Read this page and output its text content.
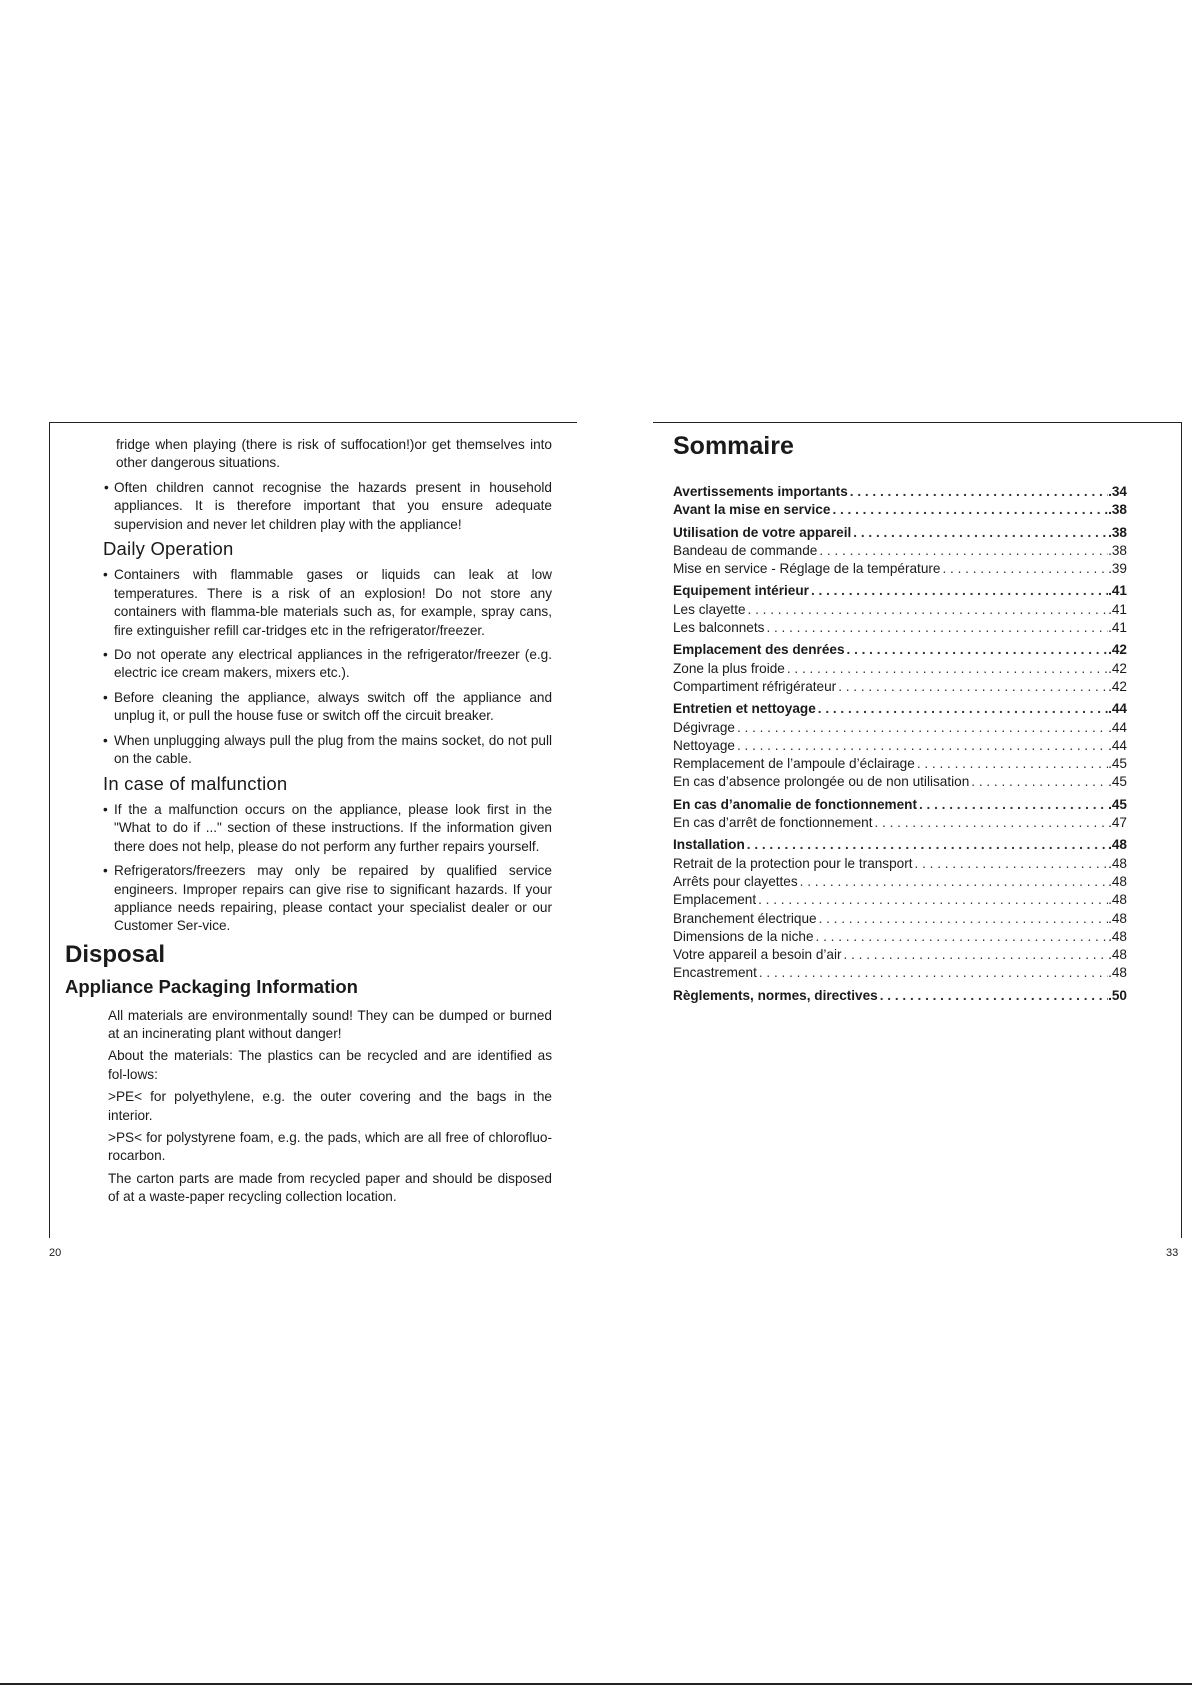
fridge when playing (there is risk of suffocation!)or get themselves into other dangerous situations.

• Often children cannot recognise the hazards present in household appliances. It is therefore important that you ensure adequate supervision and never let children play with the appliance!
Daily Operation
• Containers with flammable gases or liquids can leak at low temperatures. There is a risk of an explosion! Do not store any containers with flamma-ble materials such as, for example, spray cans, fire extinguisher refill car-tridges etc in the refrigerator/freezer.
• Do not operate any electrical appliances in the refrigerator/freezer (e.g. electric ice cream makers, mixers etc.).
• Before cleaning the appliance, always switch off the appliance and unplug it, or pull the house fuse or switch off the circuit breaker.
• When unplugging always pull the plug from the mains socket, do not pull on the cable.
In case of malfunction
• If the a malfunction occurs on the appliance, please look first in the "What to do if ..." section of these instructions. If the information given there does not help, please do not perform any further repairs yourself.
• Refrigerators/freezers may only be repaired by qualified service engineers. Improper repairs can give rise to significant hazards. If your appliance needs repairing, please contact your specialist dealer or our Customer Ser-vice.
Disposal
Appliance Packaging Information

All materials are environmentally sound! They can be dumped or burned at an incinerating plant without danger!

About the materials: The plastics can be recycled and are identified as fol-lows:

>PE< for polyethylene, e.g. the outer covering and the bags in the interior.

>PS< for polystyrene foam, e.g. the pads, which are all free of chlorofluo-rocarbon.

The carton parts are made from recycled paper and should be disposed of at a waste-paper recycling collection location.

20
Sommaire
Avertissements importants . . .	.34
Avant la mise en service . . .	.38
Utilisation de votre appareil . . .	.38
Bandeau de commande . . .	.38
Mise en service - Réglage de la température . . .	.39
Equipement intérieur . . .	.41
Les clayette . . .	.41
Les balconnets . . .	.41
Emplacement des denrées . . .	.42
Zone la plus froide . . .	.42
Compartiment réfrigérateur . . .	.42
Entretien et nettoyage . . .	.44
Dégivrage . . .	.44
Nettoyage . . .	.44
Remplacement de l’ampoule d’éclairage . . .	.45
En cas d’absence prolongée ou de non utilisation . . .	.45
En cas d’anomalie de fonctionnement . . .	.45
En cas d’arrêt de fonctionnement . . .	.47
Installation . . .	.48
Retrait de la protection pour le transport . . .	.48
Arrêts pour clayettes . . .	.48
Emplacement . . .	.48
Branchement électrique . . .	.48
Dimensions de la niche . . .	.48
Votre appareil a besoin d’air . . .	.48
Encastrement . . .	.48
Règlements, normes, directives . . .	.50
33
